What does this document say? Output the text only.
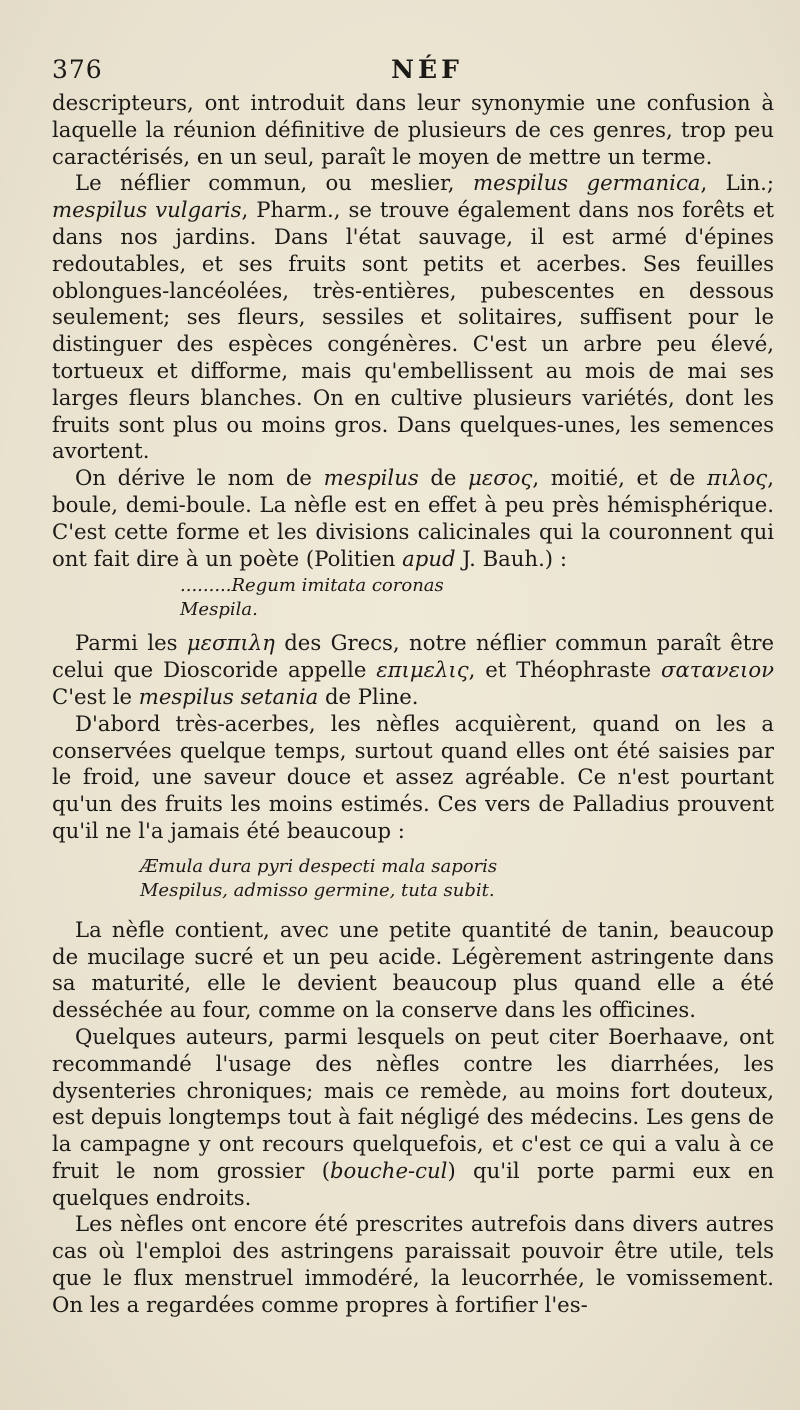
376	NÉF

descripteurs, ont introduit dans leur synonymie une confusion à laquelle la réunion définitive de plusieurs de ces genres, trop peu caractérisés, en un seul, paraît le moyen de mettre un terme.

Le néflier commun, ou meslier, mespilus germanica, Lin.; mespilus vulgaris, Pharm., se trouve également dans nos forêts et dans nos jardins. Dans l'état sauvage, il est armé d'épines redoutables, et ses fruits sont petits et acerbes. Ses feuilles oblongues-lancéolées, très-entières, pubescentes en dessous seulement; ses fleurs, sessiles et solitaires, suffisent pour le distinguer des espèces congénères. C'est un arbre peu élevé, tortueux et difforme, mais qu'embellissent au mois de mai ses larges fleurs blanches. On en cultive plusieurs variétés, dont les fruits sont plus ou moins gros. Dans quelques-unes, les semences avortent.

On dérive le nom de mespilus de μεσος, moitié, et de πιλος, boule, demi-boule. La nèfle est en effet à peu près hémisphérique. C'est cette forme et les divisions calicinales qui la couronnent qui ont fait dire à un poète (Politien apud J. Bauh.) :

.........Regum imitata coronas
Mespila.

Parmi les μεσπιλη des Grecs, notre néflier commun paraît être celui que Dioscoride appelle επιμελις, et Théophraste σατανειον C'est le mespilus setania de Pline.

D'abord très-acerbes, les nèfles acquièrent, quand on les a conservées quelque temps, surtout quand elles ont été saisies par le froid, une saveur douce et assez agréable. Ce n'est pourtant qu'un des fruits les moins estimés. Ces vers de Palladius prouvent qu'il ne l'a jamais été beaucoup :

Æmula dura pyri despecti mala saporis
Mespilus, admisso germine, tuta subit.

La nèfle contient, avec une petite quantité de tanin, beaucoup de mucilage sucré et un peu acide. Légèrement astringente dans sa maturité, elle le devient beaucoup plus quand elle a été desséchée au four, comme on la conserve dans les officines.

Quelques auteurs, parmi lesquels on peut citer Boerhaave, ont recommandé l'usage des nèfles contre les diarrhées, les dysenteries chroniques; mais ce remède, au moins fort douteux, est depuis longtemps tout à fait négligé des médecins. Les gens de la campagne y ont recours quelquefois, et c'est ce qui a valu à ce fruit le nom grossier (bouche-cul) qu'il porte parmi eux en quelques endroits.

Les nèfles ont encore été prescrites autrefois dans divers autres cas où l'emploi des astringens paraissait pouvoir être utile, tels que le flux menstruel immodéré, la leucorrhée, le vomissement. On les a regardées comme propres à fortifier l'es-
